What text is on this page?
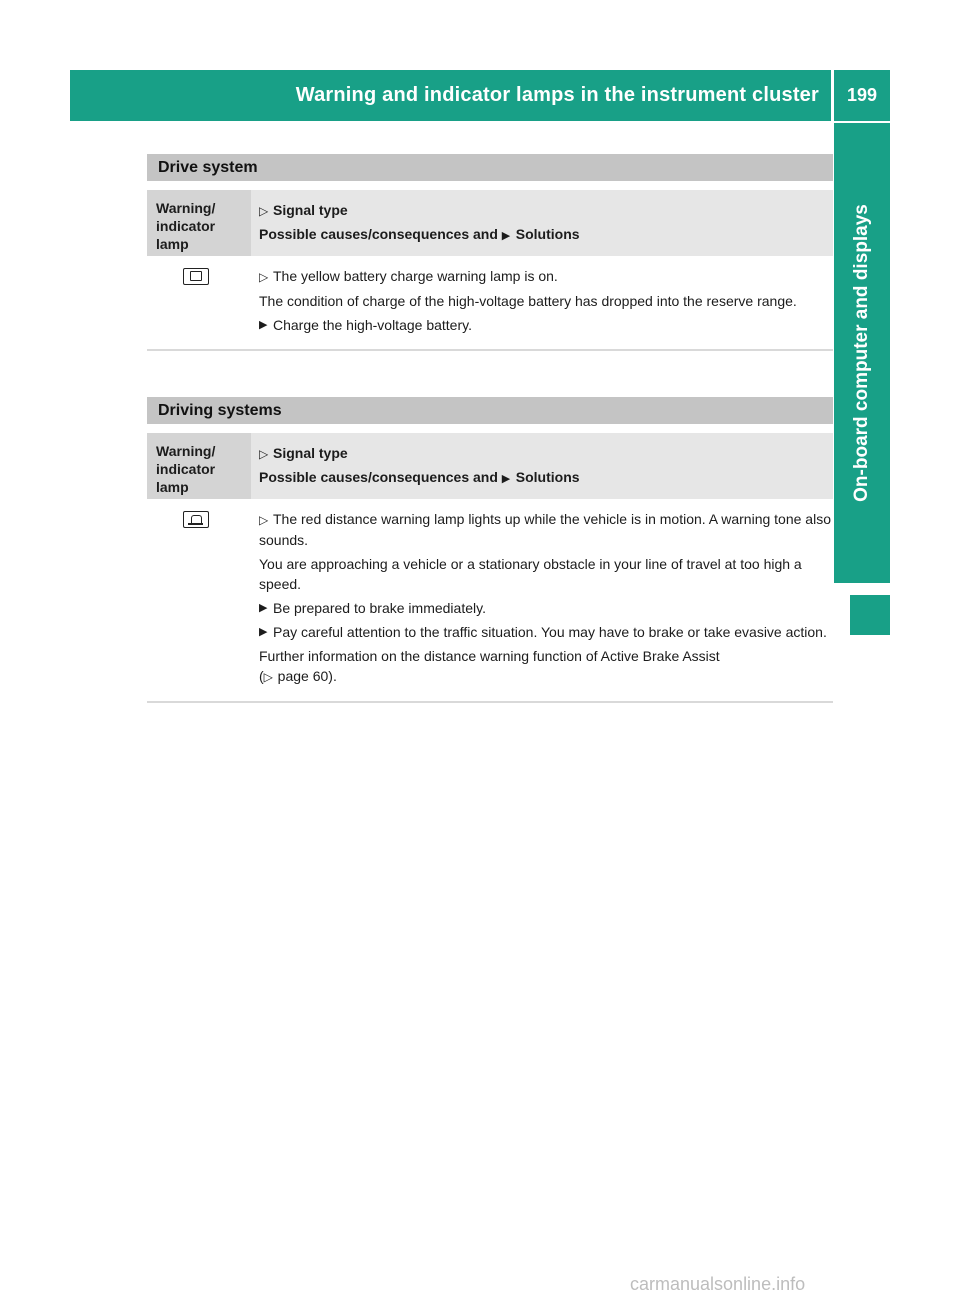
Warning and indicator lamps in the instrument cluster 199
On-board computer and displays
Drive system
Warning/ indicator lamp
▷ Signal type
Possible causes/consequences and ▶ Solutions

▷ The yellow battery charge warning lamp is on.

The condition of charge of the high-voltage battery has dropped into the reserve range.

▶ Charge the high-voltage battery.

Driving systems
Warning/ indicator lamp
▷ Signal type
Possible causes/consequences and ▶ Solutions

▷ The red distance warning lamp lights up while the vehicle is in motion. A warning tone also sounds.

You are approaching a vehicle or a stationary obstacle in your line of travel at too high a speed.

▶ Be prepared to brake immediately.

▶ Pay careful attention to the traffic situation. You may have to brake or take evasive action.

Further information on the distance warning function of Active Brake Assist
(▷ page 60).

carmanualsonline.info
